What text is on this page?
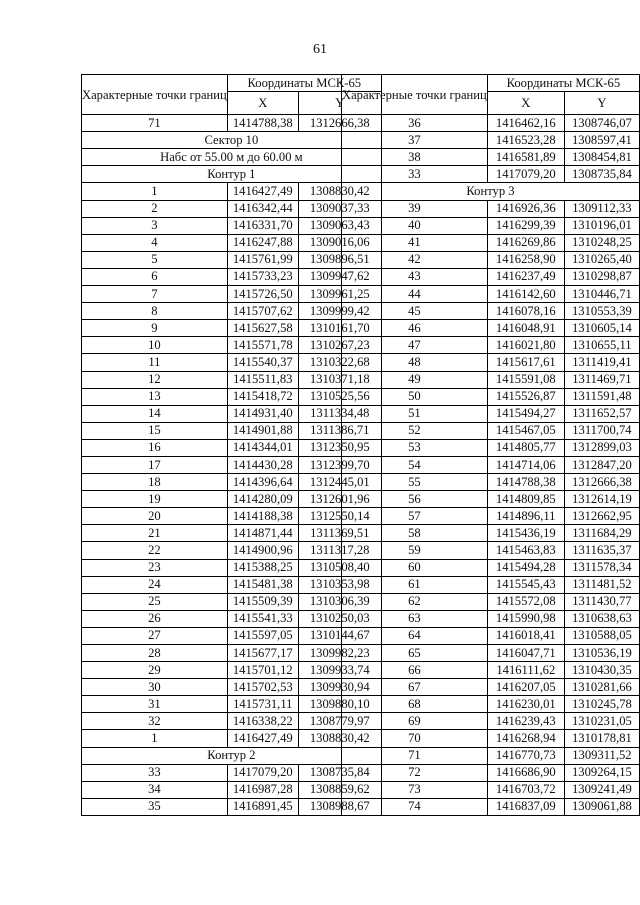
61
Характерные точки границ	Координаты МСК-65	
	X	Y
71	1414788,38	1312666,38
Сектор 10		
Набс от 55.00 м до 60.00 м		
Контур 1		
1	1416427,49	1308830,42
2	1416342,44	1309037,33
3	1416331,70	1309063,43
4	1416247,88	1309016,06
5	1415761,99	1309896,51
6	1415733,23	1309947,62
7	1415726,50	1309961,25
8	1415707,62	1309999,42
9	1415627,58	1310161,70
10	1415571,78	1310267,23
11	1415540,37	1310322,68
12	1415511,83	1310371,18
13	1415418,72	1310525,56
14	1414931,40	1311334,48
15	1414901,88	1311386,71
16	1414344,01	1312350,95
17	1414430,28	1312399,70
18	1414396,64	1312445,01
19	1414280,09	1312601,96
20	1414188,38	1312550,14
21	1414871,44	1311369,51
22	1414900,96	1311317,28
23	1415388,25	1310508,40
24	1415481,38	1310353,98
25	1415509,39	1310306,39
26	1415541,33	1310250,03
27	1415597,05	1310144,67
28	1415677,17	1309982,23
29	1415701,12	1309933,74
30	1415702,53	1309930,94
31	1415731,11	1309880,10
32	1416338,22	1308779,97
1	1416427,49	1308830,42
Контур 2		
33	1417079,20	1308735,84
34	1416987,28	1308859,62
35	1416891,45	1308988,67
Характерные точки границ	Координаты МСК-65	
	X	Y
36	1416462,16	1308746,07
37	1416523,28	1308597,41
38	1416581,89	1308454,81
33	1417079,20	1308735,84
Контур 3		
39	1416926,36	1309112,33
40	1416299,39	1310196,01
41	1416269,86	1310248,25
42	1416258,90	1310265,40
43	1416237,49	1310298,87
44	1416142,60	1310446,71
45	1416078,16	1310553,39
46	1416048,91	1310605,14
47	1416021,80	1310655,11
48	1415617,61	1311419,41
49	1415591,08	1311469,71
50	1415526,87	1311591,48
51	1415494,27	1311652,57
52	1415467,05	1311700,74
53	1414805,77	1312899,03
54	1414714,06	1312847,20
55	1414788,38	1312666,38
56	1414809,85	1312614,19
57	1414896,11	1312662,95
58	1415436,19	1311684,29
59	1415463,83	1311635,37
60	1415494,28	1311578,34
61	1415545,43	1311481,52
62	1415572,08	1311430,77
63	1415990,98	1310638,63
64	1416018,41	1310588,05
65	1416047,71	1310536,19
66	1416111,62	1310430,35
67	1416207,05	1310281,66
68	1416230,01	1310245,78
69	1416239,43	1310231,05
70	1416268,94	1310178,81
71	1416770,73	1309311,52
72	1416686,90	1309264,15
73	1416703,72	1309241,49
74	1416837,09	1309061,88
